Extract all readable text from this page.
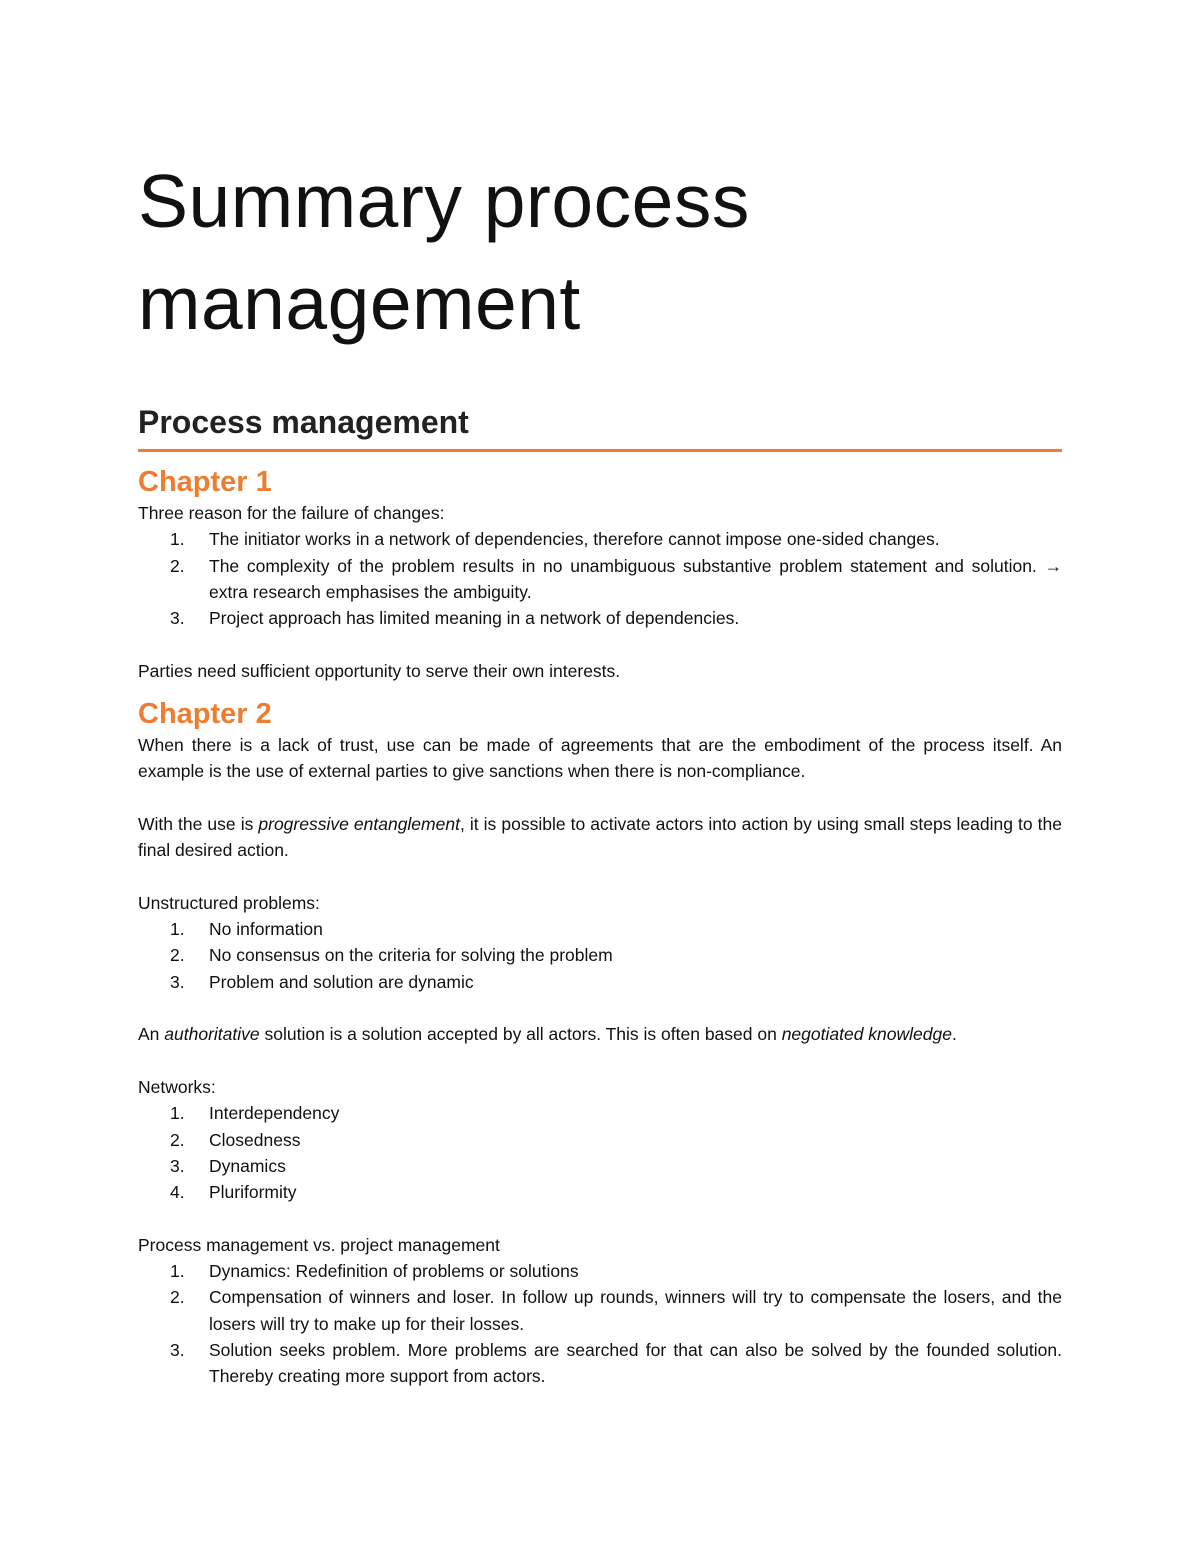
Summary process management
Process management
Chapter 1

Three reason for the failure of changes:

1. The initiator works in a network of dependencies, therefore cannot impose one-sided changes.
2. The complexity of the problem results in no unambiguous substantive problem statement and solution. → extra research emphasises the ambiguity.
3. Project approach has limited meaning in a network of dependencies.

Parties need sufficient opportunity to serve their own interests.

Chapter 2

When there is a lack of trust, use can be made of agreements that are the embodiment of the process itself. An example is the use of external parties to give sanctions when there is non-compliance.

With the use is progressive entanglement, it is possible to activate actors into action by using small steps leading to the final desired action.

Unstructured problems:

1. No information
2. No consensus on the criteria for solving the problem
3. Problem and solution are dynamic

An authoritative solution is a solution accepted by all actors. This is often based on negotiated knowledge.

Networks:

1. Interdependency
2. Closedness
3. Dynamics
4. Pluriformity

Process management vs. project management

1. Dynamics: Redefinition of problems or solutions
2. Compensation of winners and loser. In follow up rounds, winners will try to compensate the losers, and the losers will try to make up for their losses.
3. Solution seeks problem. More problems are searched for that can also be solved by the founded solution. Thereby creating more support from actors.
